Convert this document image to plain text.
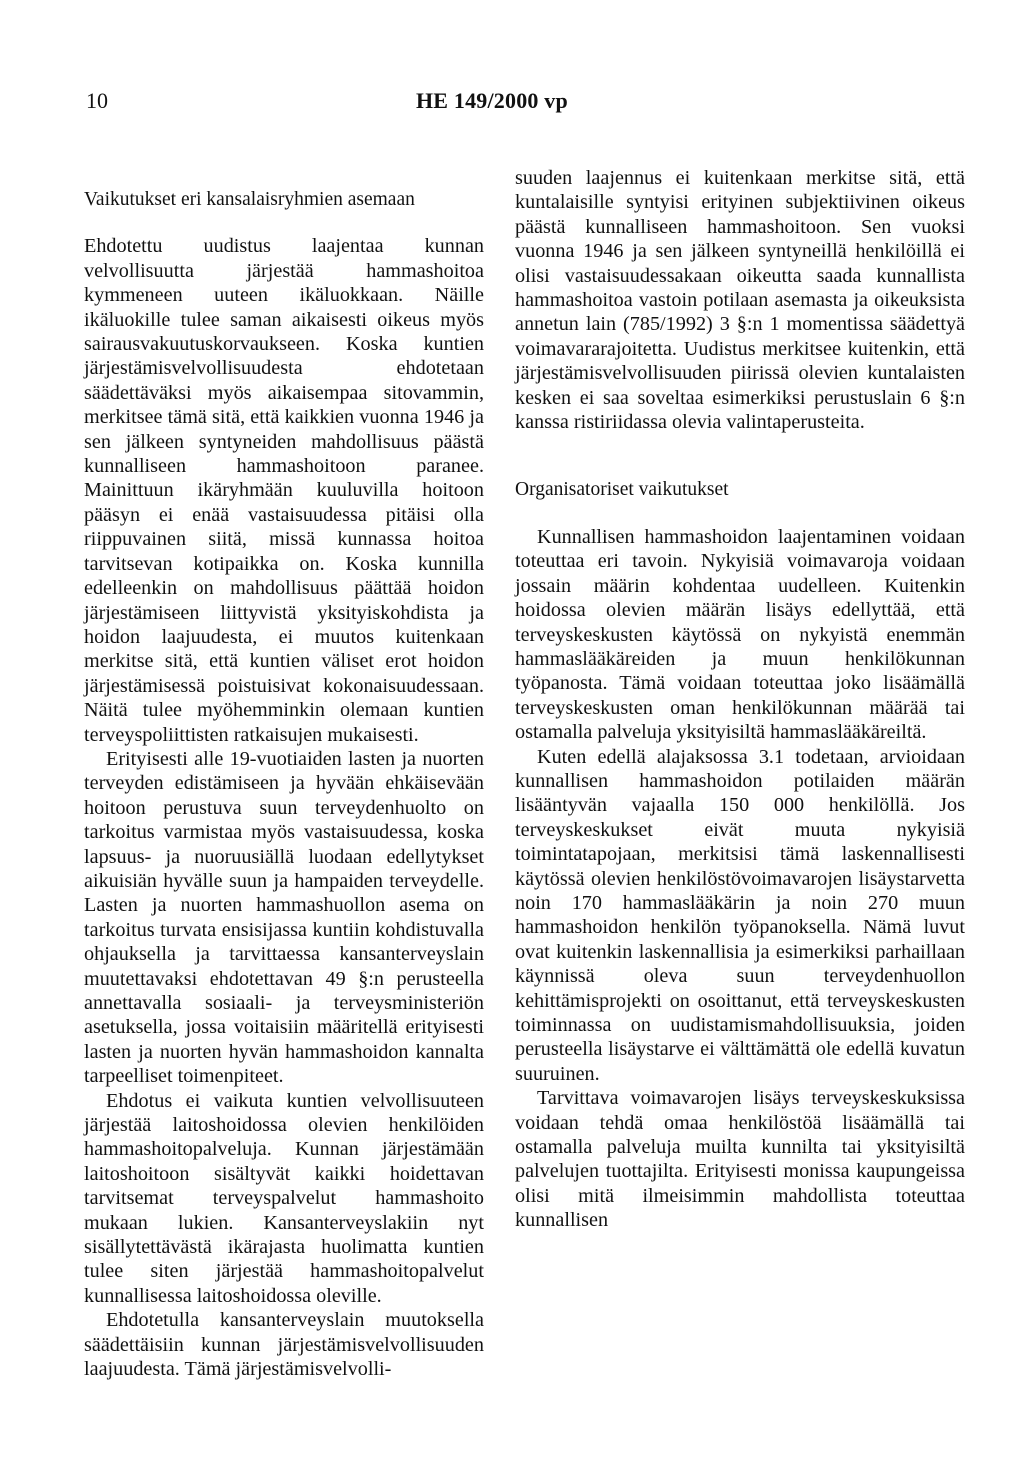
10	HE 149/2000 vp
Vaikutukset eri kansalaisryhmien asemaan

Ehdotettu uudistus laajentaa kunnan velvollisuutta järjestää hammashoitoa kymmeneen uuteen ikäluokkaan. Näille ikäluokille tulee saman aikaisesti oikeus myös sairausvakuutuskorvaukseen. Koska kuntien järjestämisvelvollisuudesta ehdotetaan säädettäväksi myös aikaisempaa sitovammin, merkitsee tämä sitä, että kaikkien vuonna 1946 ja sen jälkeen syntyneiden mahdollisuus päästä kunnalliseen hammashoitoon paranee. Mainittuun ikäryhmään kuuluvilla hoitoon pääsyn ei enää vastaisuudessa pitäisi olla riippuvainen siitä, missä kunnassa hoitoa tarvitsevan kotipaikka on. Koska kunnilla edelleenkin on mahdollisuus päättää hoidon järjestämiseen liittyvistä yksityiskohdista ja hoidon laajuudesta, ei muutos kuitenkaan merkitse sitä, että kuntien väliset erot hoidon järjestämisessä poistuisivat kokonaisuudessaan. Näitä tulee myöhemminkin olemaan kuntien terveyspoliittisten ratkaisujen mukaisesti.

Erityisesti alle 19-vuotiaiden lasten ja nuorten terveyden edistämiseen ja hyvään ehkäisevään hoitoon perustuva suun terveydenhuolto on tarkoitus varmistaa myös vastaisuudessa, koska lapsuus- ja nuoruusiällä luodaan edellytykset aikuisiän hyvälle suun ja hampaiden terveydelle. Lasten ja nuorten hammashuollon asema on tarkoitus turvata ensisijassa kuntiin kohdistuvalla ohjauksella ja tarvittaessa kansanterveyslain muutettavaksi ehdotettavan 49 §:n perusteella annettavalla sosiaali- ja terveysministeriön asetuksella, jossa voitaisiin määritellä erityisesti lasten ja nuorten hyvän hammashoidon kannalta tarpeelliset toimenpiteet.

Ehdotus ei vaikuta kuntien velvollisuuteen järjestää laitoshoidossa olevien henkilöiden hammashoitopalveluja. Kunnan järjestämään laitoshoitoon sisältyvät kaikki hoidettavan tarvitsemat terveyspalvelut hammashoito mukaan lukien. Kansanterveyslakiin nyt sisällytettävästä ikärajasta huolimatta kuntien tulee siten järjestää hammashoitopalvelut kunnallisessa laitoshoidossa oleville.

Ehdotetulla kansanterveyslain muutoksella säädettäisiin kunnan järjestämisvelvollisuuden laajuudesta. Tämä järjestämisvelvolli-

suuden laajennus ei kuitenkaan merkitse sitä, että kuntalaisille syntyisi erityinen subjektiivinen oikeus päästä kunnalliseen hammashoitoon. Sen vuoksi vuonna 1946 ja sen jälkeen syntyneillä henkilöillä ei olisi vastaisuudessakaan oikeutta saada kunnallista hammashoitoa vastoin potilaan asemasta ja oikeuksista annetun lain (785/1992) 3 §:n 1 momentissa säädettyä voimavararajoitetta. Uudistus merkitsee kuitenkin, että järjestämisvelvollisuuden piirissä olevien kuntalaisten kesken ei saa soveltaa esimerkiksi perustuslain 6 §:n kanssa ristiriidassa olevia valintaperusteita.

Organisatoriset vaikutukset

Kunnallisen hammashoidon laajentaminen voidaan toteuttaa eri tavoin. Nykyisiä voimavaroja voidaan jossain määrin kohdentaa uudelleen. Kuitenkin hoidossa olevien määrän lisäys edellyttää, että terveyskeskusten käytössä on nykyistä enemmän hammaslääkäreiden ja muun henkilökunnan työpanosta. Tämä voidaan toteuttaa joko lisäämällä terveyskeskusten oman henkilökunnan määrää tai ostamalla palveluja yksityisiltä hammaslääkäreiltä.

Kuten edellä alajaksossa 3.1 todetaan, arvioidaan kunnallisen hammashoidon potilaiden määrän lisääntyvän vajaalla 150 000 henkilöllä. Jos terveyskeskukset eivät muuta nykyisiä toimintatapojaan, merkitsisi tämä laskennallisesti käytössä olevien henkilöstövoimavarojen lisäystarvetta noin 170 hammaslääkärin ja noin 270 muun hammashoidon henkilön työpanoksella. Nämä luvut ovat kuitenkin laskennallisia ja esimerkiksi parhaillaan käynnissä oleva suun terveydenhuollon kehittämisprojekti on osoittanut, että terveyskeskusten toiminnassa on uudistamismahdollisuuksia, joiden perusteella lisäystarve ei välttämättä ole edellä kuvatun suuruinen.

Tarvittava voimavarojen lisäys terveyskeskuksissa voidaan tehdä omaa henkilöstöä lisäämällä tai ostamalla palveluja muilta kunnilta tai yksityisiltä palvelujen tuottajilta. Erityisesti monissa kaupungeissa olisi mitä ilmeisimmin mahdollista toteuttaa kunnallisen
